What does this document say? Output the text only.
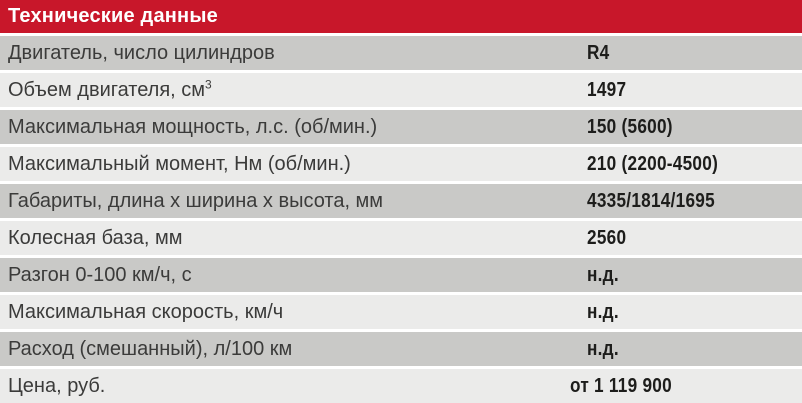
Технические данные
Двигатель, число цилиндров	R4
Объем двигателя, $см^3$	1497
Максимальная мощность, л.с. (об/мин.)	150 (5600)
Максимальный момент, Нм (об/мин.)	210 (2200-4500)
Габариты, длина х ширина х высота, мм	4335/1814/1695
Колесная база, мм	2560
Разгон 0-100 км/ч, с	н.д.
Максимальная скорость, км/ч	н.д.
Расход (смешанный), л/100 км	н.д.
Цена, руб.	от 1 119 900
